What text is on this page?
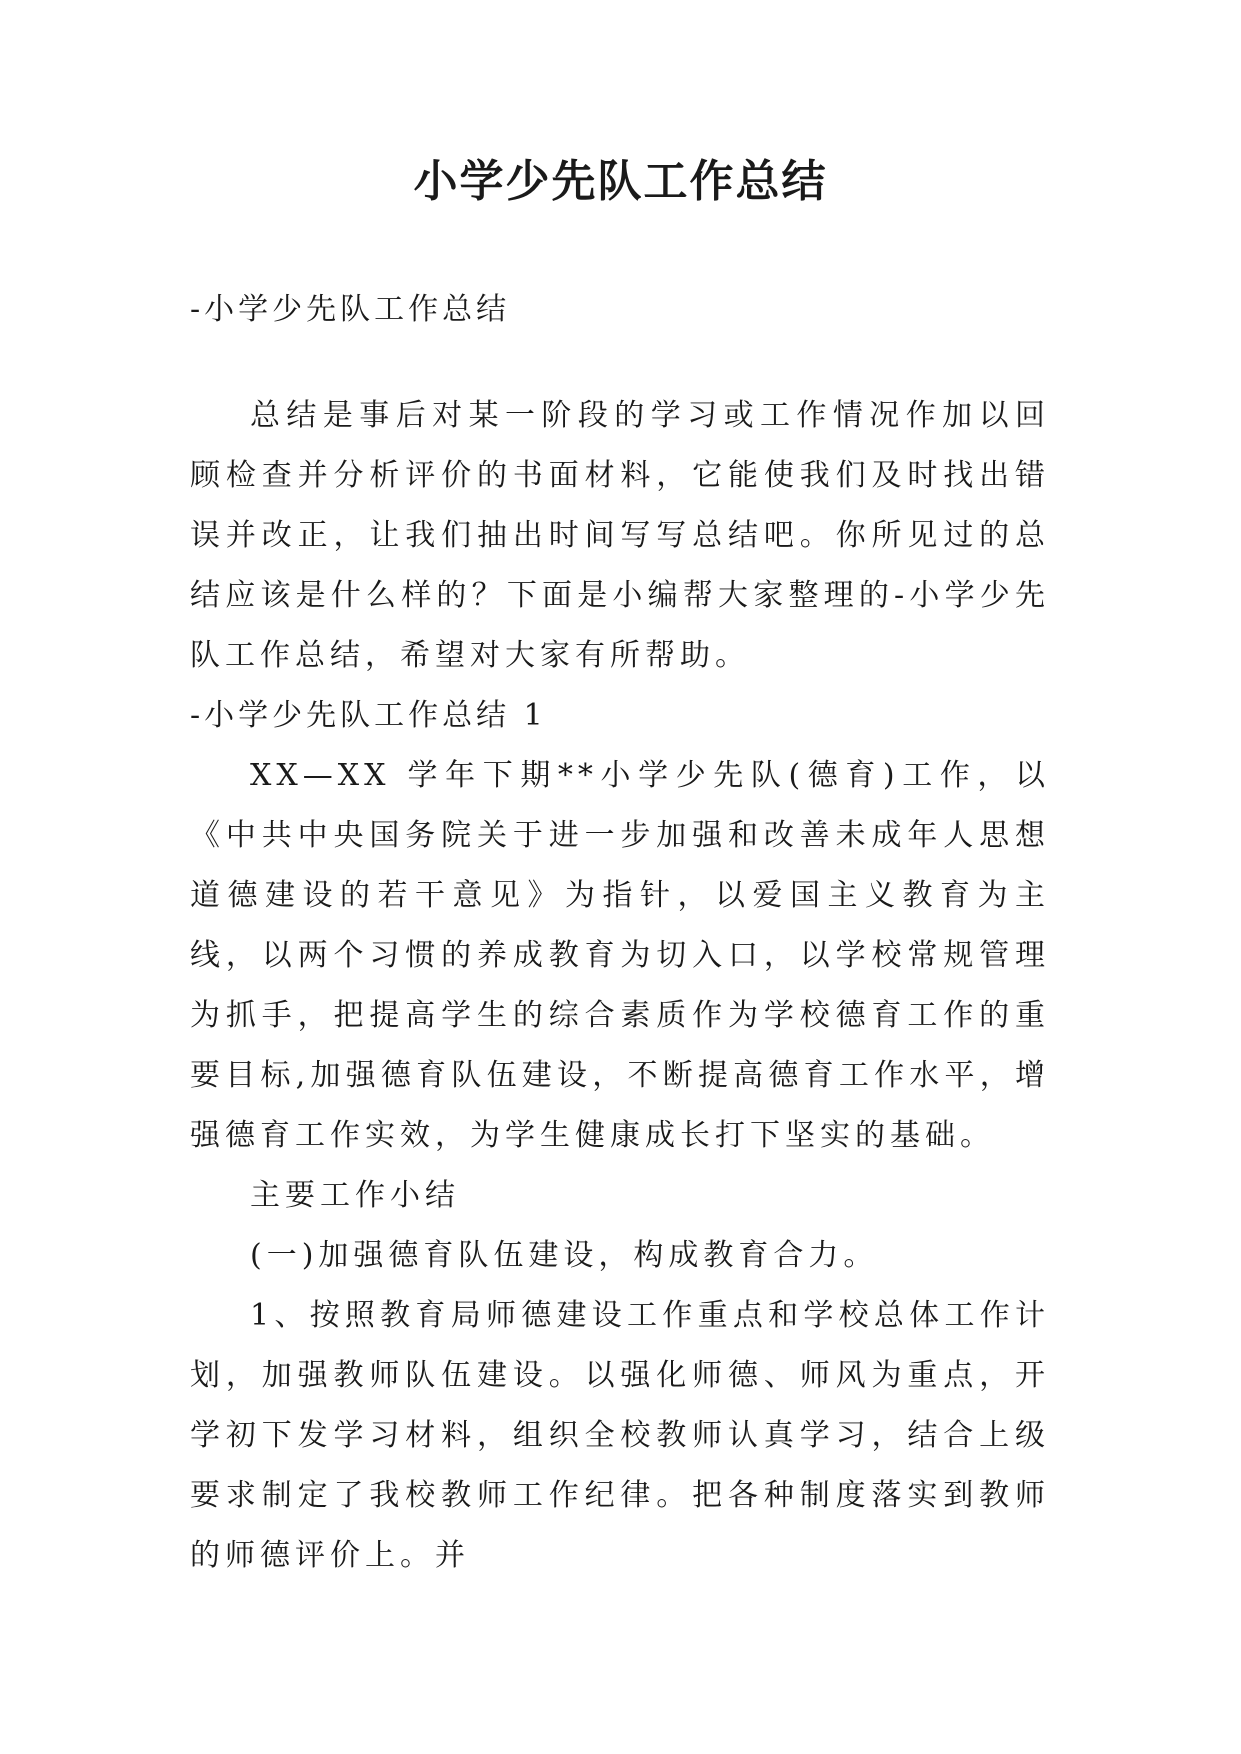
小学少先队工作总结

-小学少先队工作总结

总结是事后对某一阶段的学习或工作情况作加以回顾检查并分析评价的书面材料，它能使我们及时找出错误并改正，让我们抽出时间写写总结吧。你所见过的总结应该是什么样的？下面是小编帮大家整理的-小学少先队工作总结，希望对大家有所帮助。

-小学少先队工作总结 1

XX—XX 学年下期**小学少先队(德育)工作，以《中共中央国务院关于进一步加强和改善未成年人思想道德建设的若干意见》为指针，以爱国主义教育为主线，以两个习惯的养成教育为切入口，以学校常规管理为抓手，把提高学生的综合素质作为学校德育工作的重要目标,加强德育队伍建设，不断提高德育工作水平，增强德育工作实效，为学生健康成长打下坚实的基础。

主要工作小结

(一)加强德育队伍建设，构成教育合力。

1、按照教育局师德建设工作重点和学校总体工作计划，加强教师队伍建设。以强化师德、师风为重点，开学初下发学习材料，组织全校教师认真学习，结合上级要求制定了我校教师工作纪律。把各种制度落实到教师的师德评价上。并
